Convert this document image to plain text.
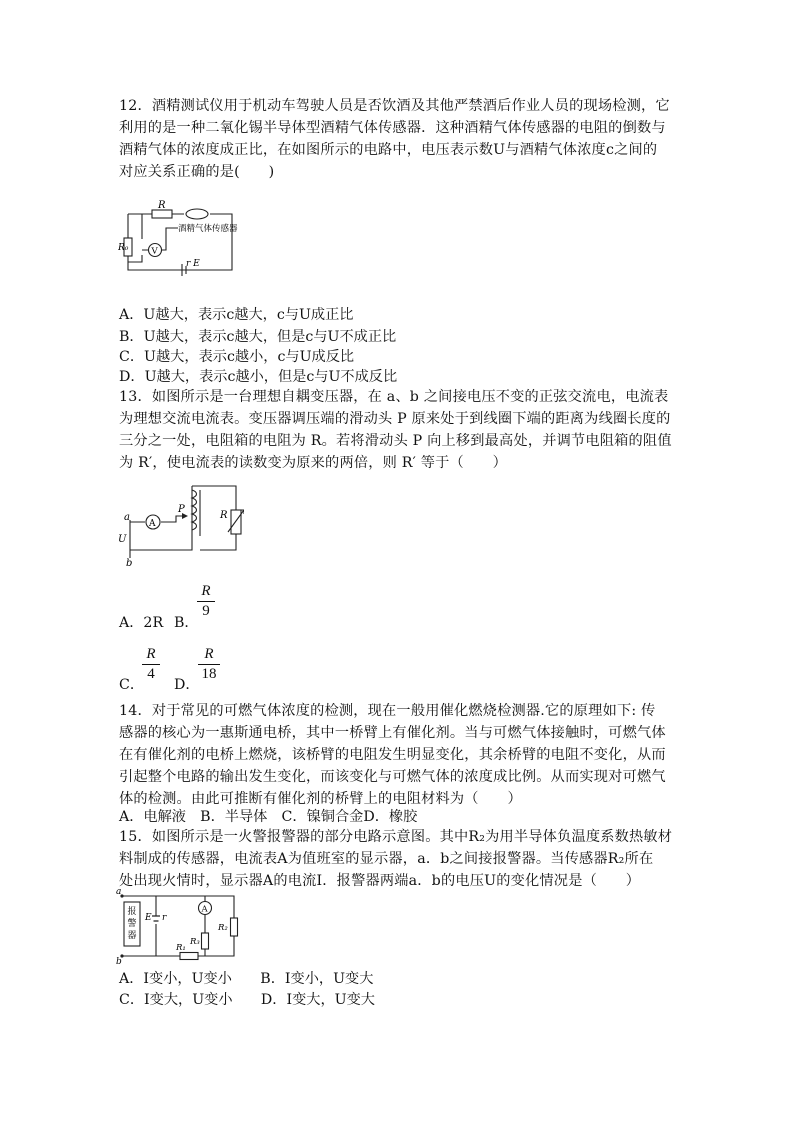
12．酒精测试仪用于机动车驾驶人员是否饮酒及其他严禁酒后作业人员的现场检测，它
利用的是一种二氧化锡半导体型酒精气体传感器．这种酒精气体传感器的电阻的倒数与
酒精气体的浓度成正比，在如图所示的电路中，电压表示数U与酒精气体浓度c之间的
对应关系正确的是(　　)
R
酒精气体传感器
R₀	V
r E
A．U越大，表示c越大，c与U成正比
B．U越大，表示c越大，但是c与U不成正比
C．U越大，表示c越小，c与U成反比
D．U越大，表示c越小，但是c与U不成反比
13．如图所示是一台理想自耦变压器，在 a、b 之间接电压不变的正弦交流电，电流表
为理想交流电流表。变压器调压端的滑动头 P 原来处于到线圈下端的距离为线圈长度的
三分之一处，电阻箱的电阻为 R。若将滑动头 P 向上移到最高处，并调节电阻箱的阻值
为 R′，使电流表的读数变为原来的两倍，则 R′ 等于（　　）
a
U
b
A
P
R
A．2R B．
R
9
C．
R
4
D．
R
18
14．对于常见的可燃气体浓度的检测，现在一般用催化燃烧检测器.它的原理如下: 传
感器的核心为一惠斯通电桥，其中一桥臂上有催化剂。当与可燃气体接触时，可燃气体
在有催化剂的电桥上燃烧，该桥臂的电阻发生明显变化，其余桥臂的电阻不变化，从而
引起整个电路的输出发生变化，而该变化与可燃气体的浓度成比例。从而实现对可燃气
体的检测。由此可推断有催化剂的桥臂上的电阻材料为（　　）
A．电解液　B．半导体　C．镍铜合金D．橡胶
15．如图所示是一火警报警器的部分电路示意图。其中R₂为用半导体负温度系数热敏材
料制成的传感器，电流表A为值班室的显示器，a．b之间接报警器。当传感器R₂所在
处出现火情时，显示器A的电流I．报警器两端a．b的电压U的变化情况是（　　）
a
b
报警器
E r
A
R₁
R₂
R₃
A．I变小，U变小　　B．I变小，U变大
C．I变大，U变小　　D．I变大，U变大
